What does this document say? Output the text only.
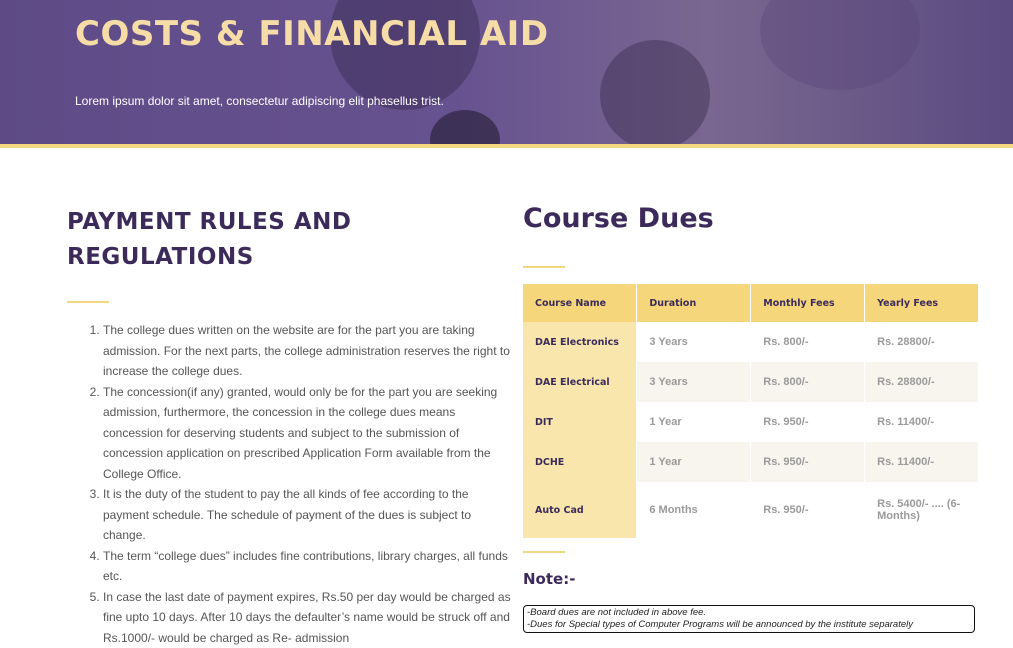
COSTS & FINANCIAL AID

Lorem ipsum dolor sit amet, consectetur adipiscing elit phasellus trist.

PAYMENT RULES AND
REGULATIONS
1. The college dues written on the website are for the part you are taking admission. For the next parts, the college administration reserves the right to increase the college dues.
2. The concession(if any) granted, would only be for the part you are seeking admission, furthermore, the concession in the college dues means concession for deserving students and subject to the submission of concession application on prescribed Application Form available from the College Office.
3. It is the duty of the student to pay the all kinds of fee according to the payment schedule. The schedule of payment of the dues is subject to change.
4. The term “college dues” includes fine contributions, library charges, all funds etc.
5. In case the last date of payment expires, Rs.50 per day would be charged as fine upto 10 days. After 10 days the defaulter’s name would be struck off and Rs.1000/- would be charged as Re- admission
Course Dues
Course Name	Duration	Monthly Fees	Yearly Fees
DAE Electronics	3 Years	Rs. 800/-	Rs. 28800/-
DAE Electrical	3 Years	Rs. 800/-	Rs. 28800/-
DIT	1 Year	Rs. 950/-	Rs. 11400/-
DCHE	1 Year	Rs. 950/-	Rs. 11400/-
Auto Cad	6 Months	Rs. 950/-	Rs. 5400/- .... (6-Months)
Note:-
-Board dues are not included in above fee.
-Dues for Special types of Computer Programs will be announced by the institute separately
